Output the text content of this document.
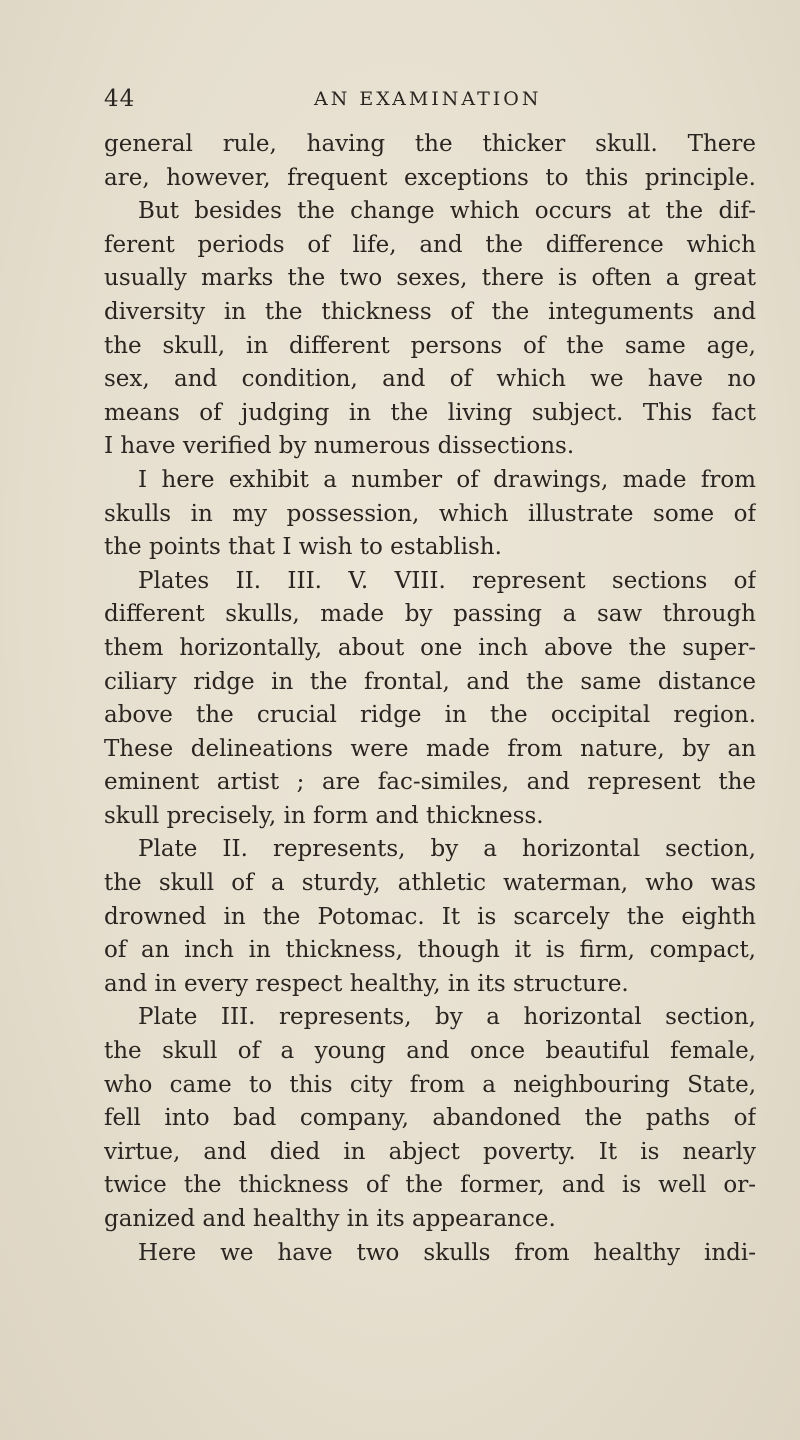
44	AN EXAMINATION
general rule, having the thicker skull. There
are, however, frequent exceptions to this principle.
But besides the change which occurs at the dif-
ferent periods of life, and the difference which
usually marks the two sexes, there is often a great
diversity in the thickness of the integuments and
the skull, in different persons of the same age,
sex, and condition, and of which we have no
means of judging in the living subject. This fact
I have verified by numerous dissections.
I here exhibit a number of drawings, made from
skulls in my possession, which illustrate some of
the points that I wish to establish.
Plates II. III. V. VIII. represent sections of
different skulls, made by passing a saw through
them horizontally, about one inch above the super-
ciliary ridge in the frontal, and the same distance
above the crucial ridge in the occipital region.
These delineations were made from nature, by an
eminent artist ; are fac-similes, and represent the
skull precisely, in form and thickness.
Plate II. represents, by a horizontal section,
the skull of a sturdy, athletic waterman, who was
drowned in the Potomac. It is scarcely the eighth
of an inch in thickness, though it is firm, compact,
and in every respect healthy, in its structure.
Plate III. represents, by a horizontal section,
the skull of a young and once beautiful female,
who came to this city from a neighbouring State,
fell into bad company, abandoned the paths of
virtue, and died in abject poverty. It is nearly
twice the thickness of the former, and is well or-
ganized and healthy in its appearance.
Here we have two skulls from healthy indi-
